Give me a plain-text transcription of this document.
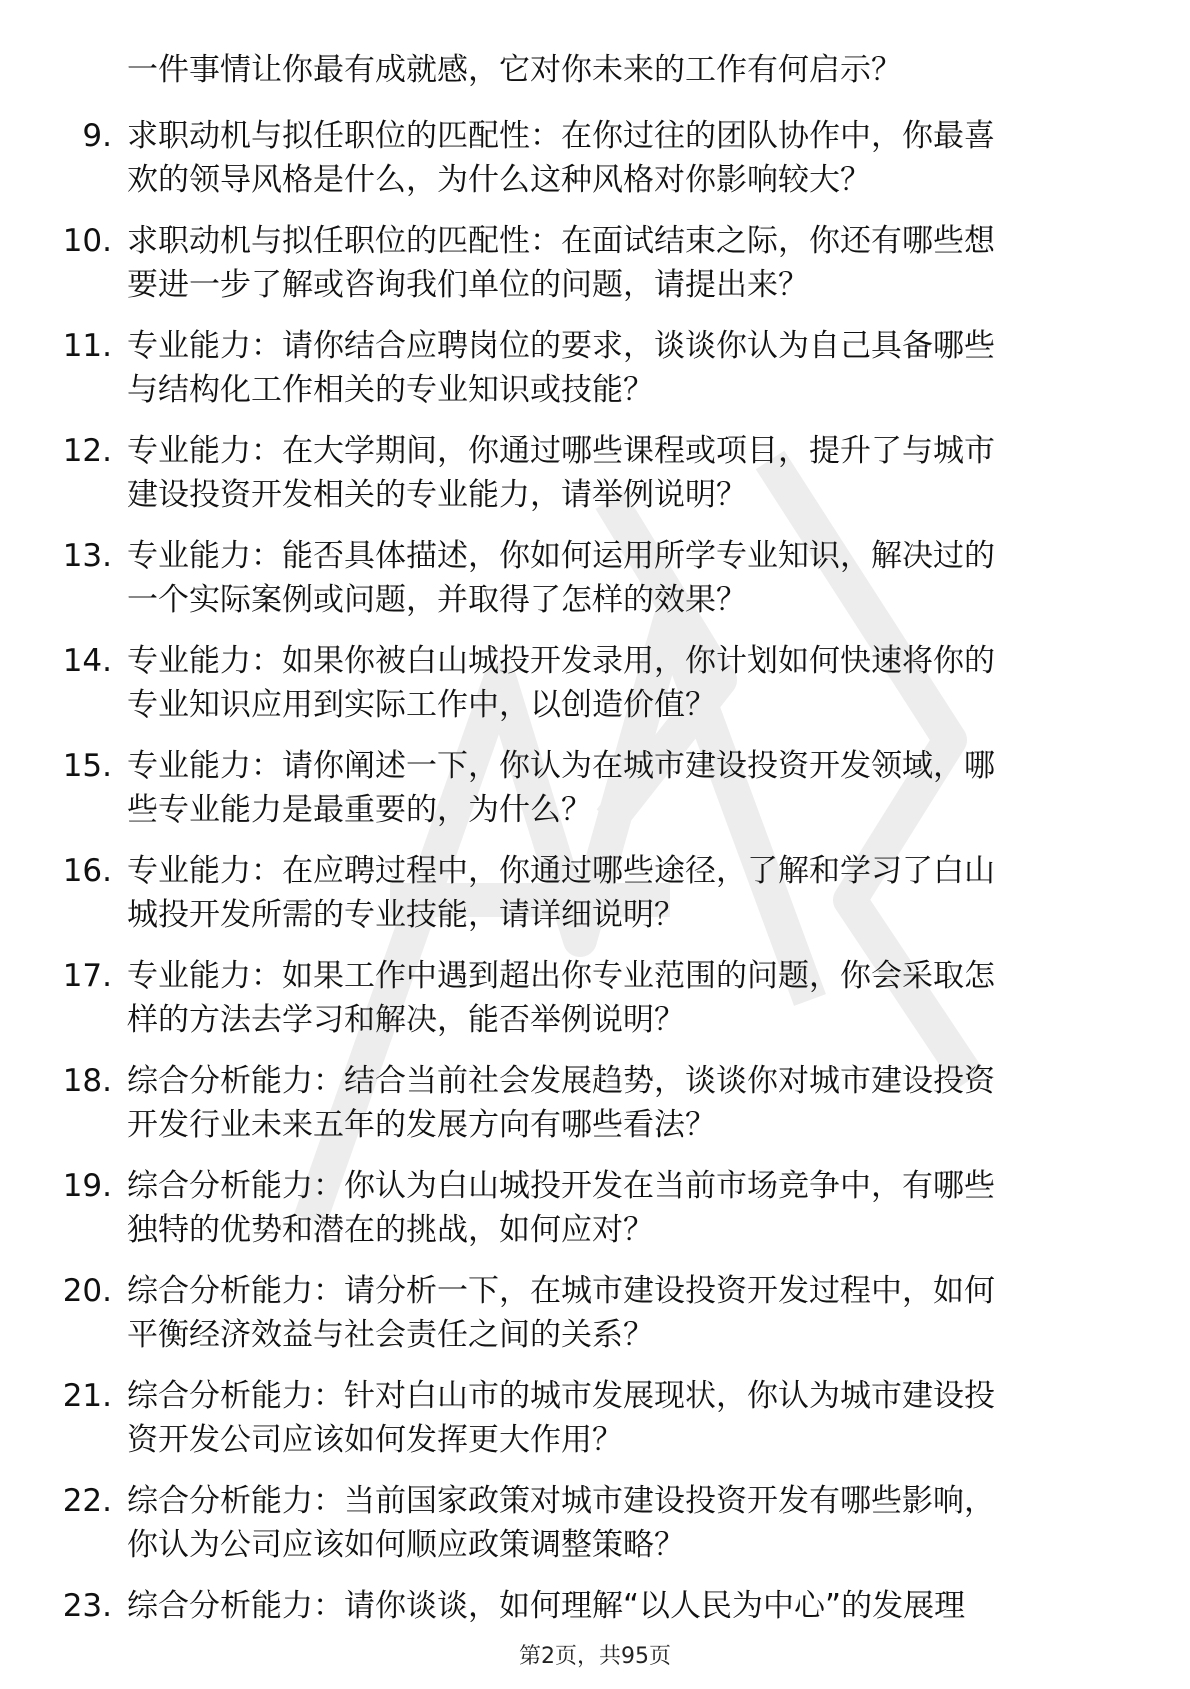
一件事情让你最有成就感，它对你未来的工作有何启示？
9. 求职动机与拟任职位的匹配性：在你过往的团队协作中，你最喜
欢的领导风格是什么，为什么这种风格对你影响较大？
10. 求职动机与拟任职位的匹配性：在面试结束之际，你还有哪些想
要进一步了解或咨询我们单位的问题，请提出来？
11. 专业能力：请你结合应聘岗位的要求，谈谈你认为自己具备哪些
与结构化工作相关的专业知识或技能？
12. 专业能力：在大学期间，你通过哪些课程或项目，提升了与城市
建设投资开发相关的专业能力，请举例说明？
13. 专业能力：能否具体描述，你如何运用所学专业知识，解决过的
一个实际案例或问题，并取得了怎样的效果？
14. 专业能力：如果你被白山城投开发录用，你计划如何快速将你的
专业知识应用到实际工作中，以创造价值？
15. 专业能力：请你阐述一下，你认为在城市建设投资开发领域，哪
些专业能力是最重要的，为什么？
16. 专业能力：在应聘过程中，你通过哪些途径，了解和学习了白山
城投开发所需的专业技能，请详细说明？
17. 专业能力：如果工作中遇到超出你专业范围的问题，你会采取怎
样的方法去学习和解决，能否举例说明？
18. 综合分析能力：结合当前社会发展趋势，谈谈你对城市建设投资
开发行业未来五年的发展方向有哪些看法？
19. 综合分析能力：你认为白山城投开发在当前市场竞争中，有哪些
独特的优势和潜在的挑战，如何应对？
20. 综合分析能力：请分析一下，在城市建设投资开发过程中，如何
平衡经济效益与社会责任之间的关系？
21. 综合分析能力：针对白山市的城市发展现状，你认为城市建设投
资开发公司应该如何发挥更大作用？
22. 综合分析能力：当前国家政策对城市建设投资开发有哪些影响，
你认为公司应该如何顺应政策调整策略？
23. 综合分析能力：请你谈谈，如何理解“以人民为中心”的发展理
第2页，共95页
